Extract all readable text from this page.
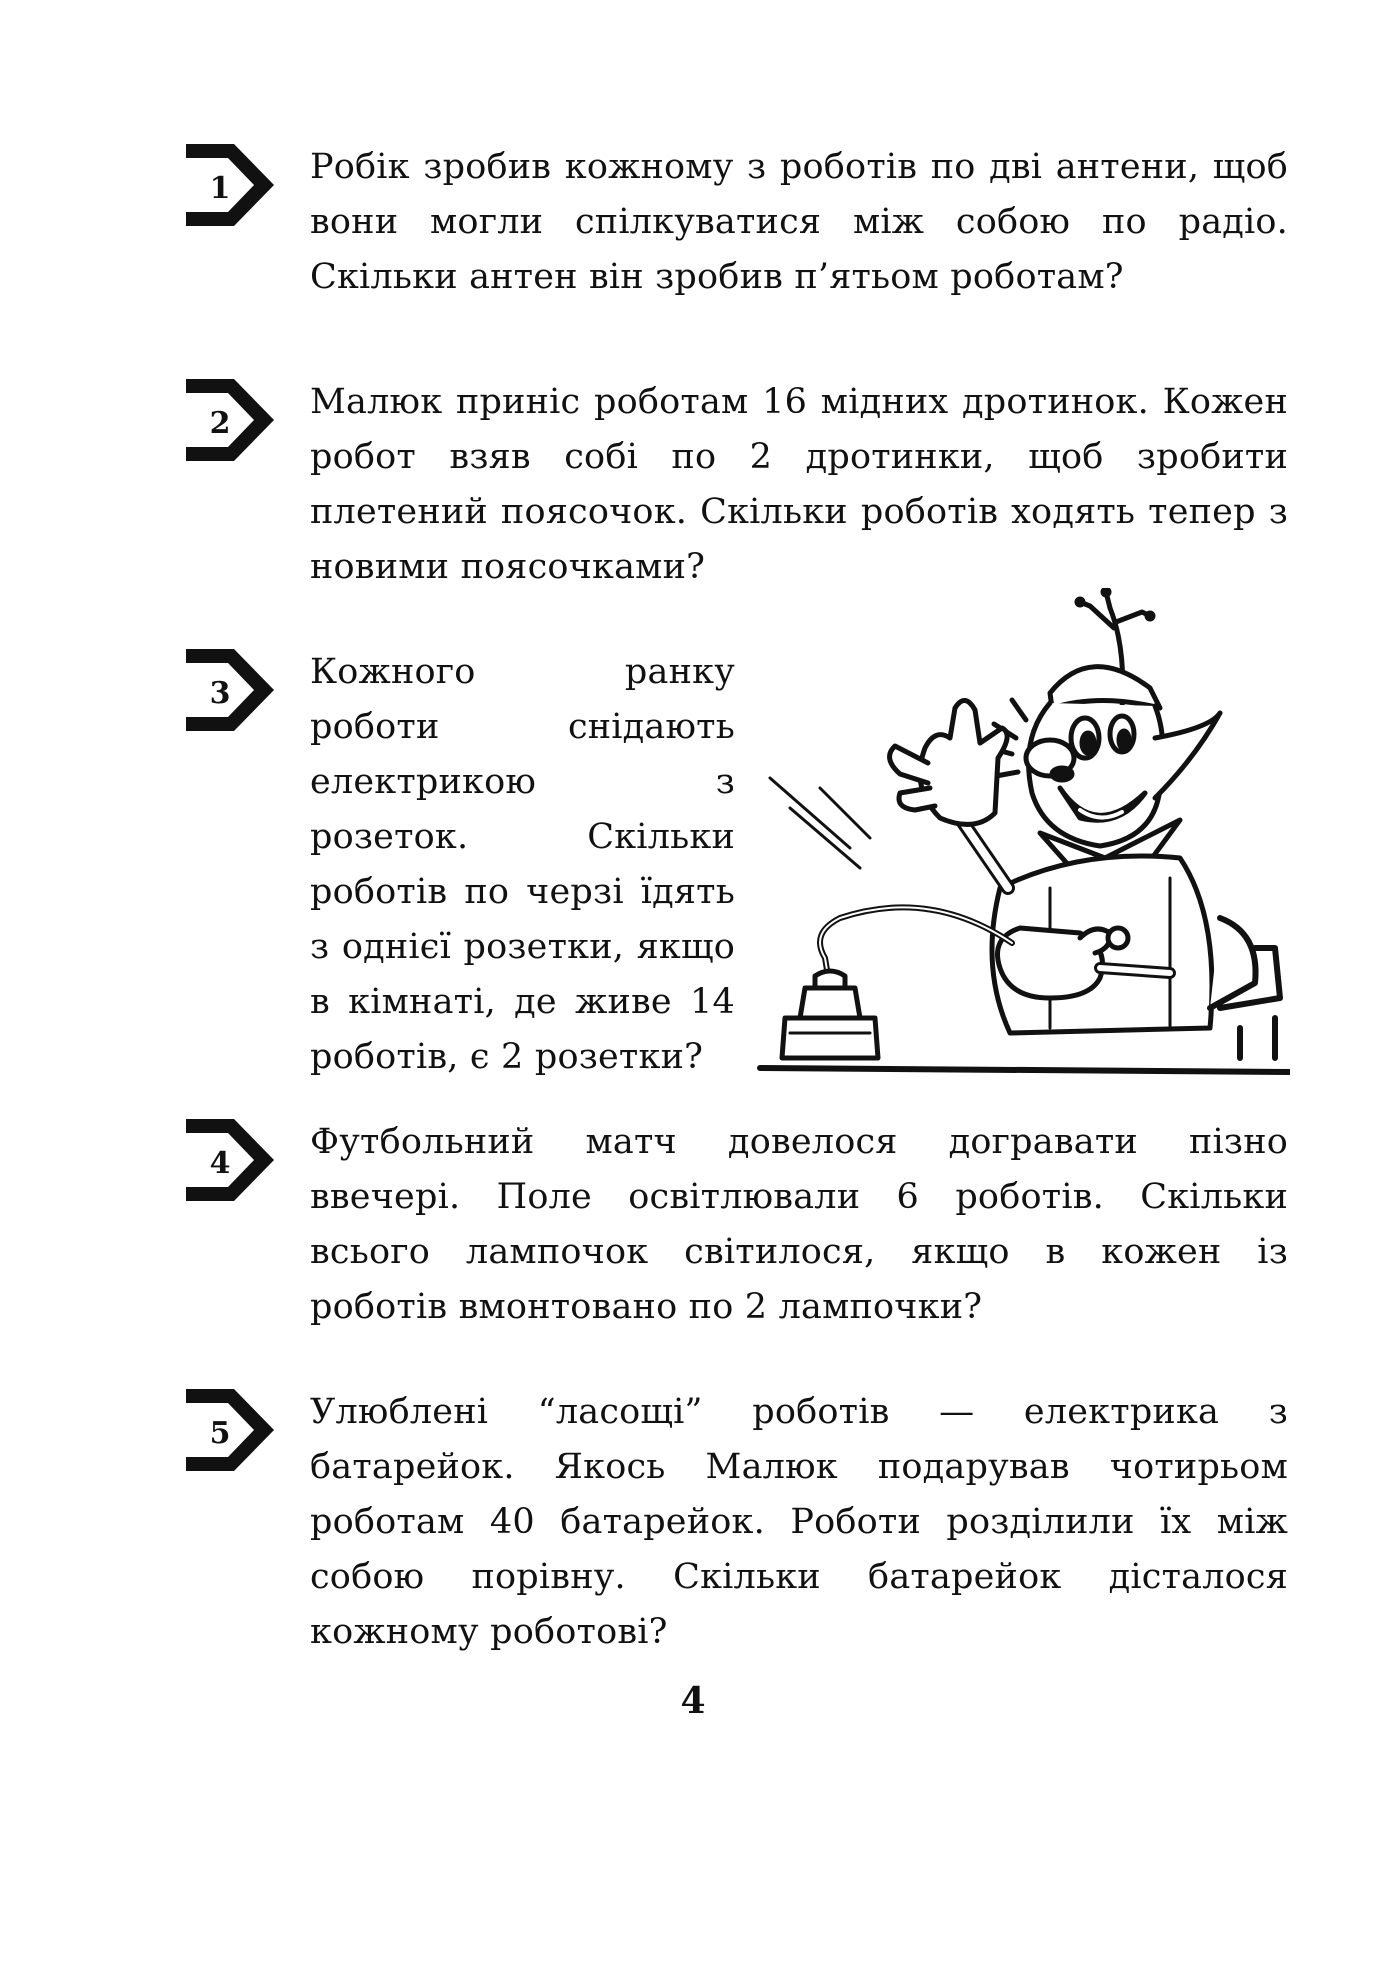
1

Робік зробив кожному з роботів по дві антени, щоб вони могли спілкуватися між собою по радіо. Скільки антен він зробив п’ятьом роботам?

2

Малюк приніс роботам 16 мідних дротинок. Кожен робот взяв собі по 2 дротинки, щоб зробити плетений поясочок. Скільки роботів ходять тепер з новими поясочками?

3

Кожного ранку роботи снідають електрикою з розеток. Скільки роботів по черзі їдять з однієї розетки, якщо в кімнаті, де живе 14 роботів, є 2 розетки?

4

Футбольний матч довелося догравати пізно ввечері. Поле освітлювали 6 роботів. Скільки всього лампочок світилося, якщо в кожен із роботів вмонтовано по 2 лампочки?

5

Улюблені “ласощі” роботів — електрика з батарейок. Якось Малюк подарував чотирьом роботам 40 батарейок. Роботи розділили їх між собою порівну. Скільки батарейок дісталося кожному роботові?

4
